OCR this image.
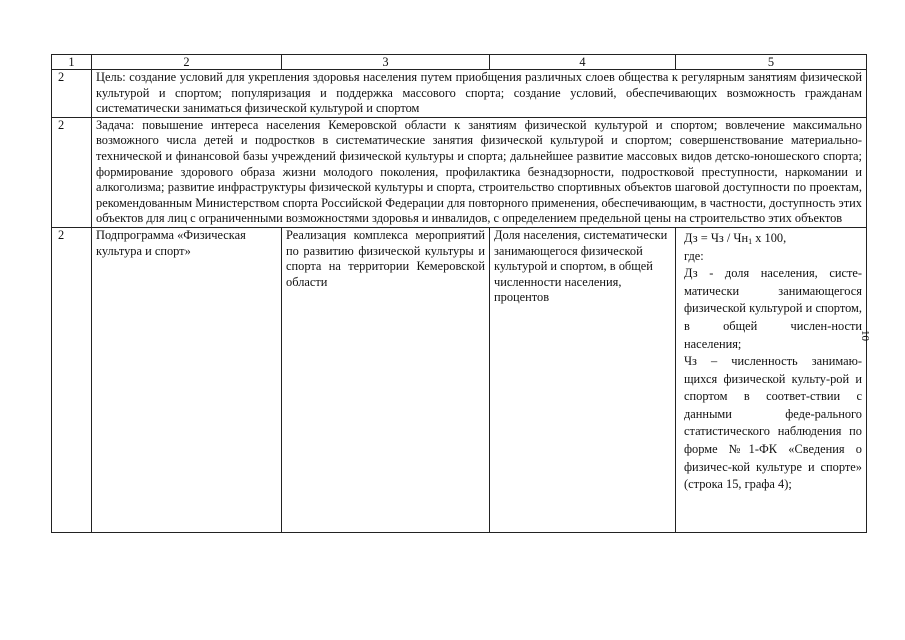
1	2	3	4	5
2	Цель: создание условий для укрепления здоровья населения путем приобщения различных слоев общества к регулярным занятиям физической культурой и спортом; популяризация и поддержка массового спорта; создание условий, обеспечивающих возможность гражданам систематически заниматься физической культурой и спортом			
2	Задача: повышение интереса населения Кемеровской области к занятиям физической культурой и спортом; вовлечение максимально возможного числа детей и подростков в систематические занятия физической культурой и спортом; совершенствование материально-технической и финансовой базы учреждений физической культуры и спорта; дальнейшее развитие массовых видов детско-юношеского спорта; формирование здорового образа жизни молодого поколения, профилактика безнадзорности, подростковой преступности, наркомании и алкоголизма; развитие инфраструктуры физической культуры и спорта, строительство спортивных объектов шаговой доступности по проектам, рекомендованным Министерством спорта Российской Федерации для повторного применения, обеспечивающим, в частности, доступность этих объектов для лиц с ограниченными возможностями здоровья и инвалидов, с определением предельной цены на строительство этих объектов			
2	Подпрограмма «Физическая культура и спорт»	Реализация комплекса мероприятий по развитию физической культуры и спорта на территории Кемеровской области	Доля населения, систематически занимающегося физической культурой и спортом, в общей численности населения, процентов	Дз = Чз / $Чн_1$ х 100,

где:

Дз - доля населения, систе-матически занимающегося физической культурой и спортом, в общей числен-ности населения;

Чз – численность занимаю-щихся физической культу-рой и спортом в соответ-ствии с данными феде-рального статистического наблюдения по форме №1-ФК «Сведения о физичес-кой культуре и спорте» (строка 15, графа 4);

10
